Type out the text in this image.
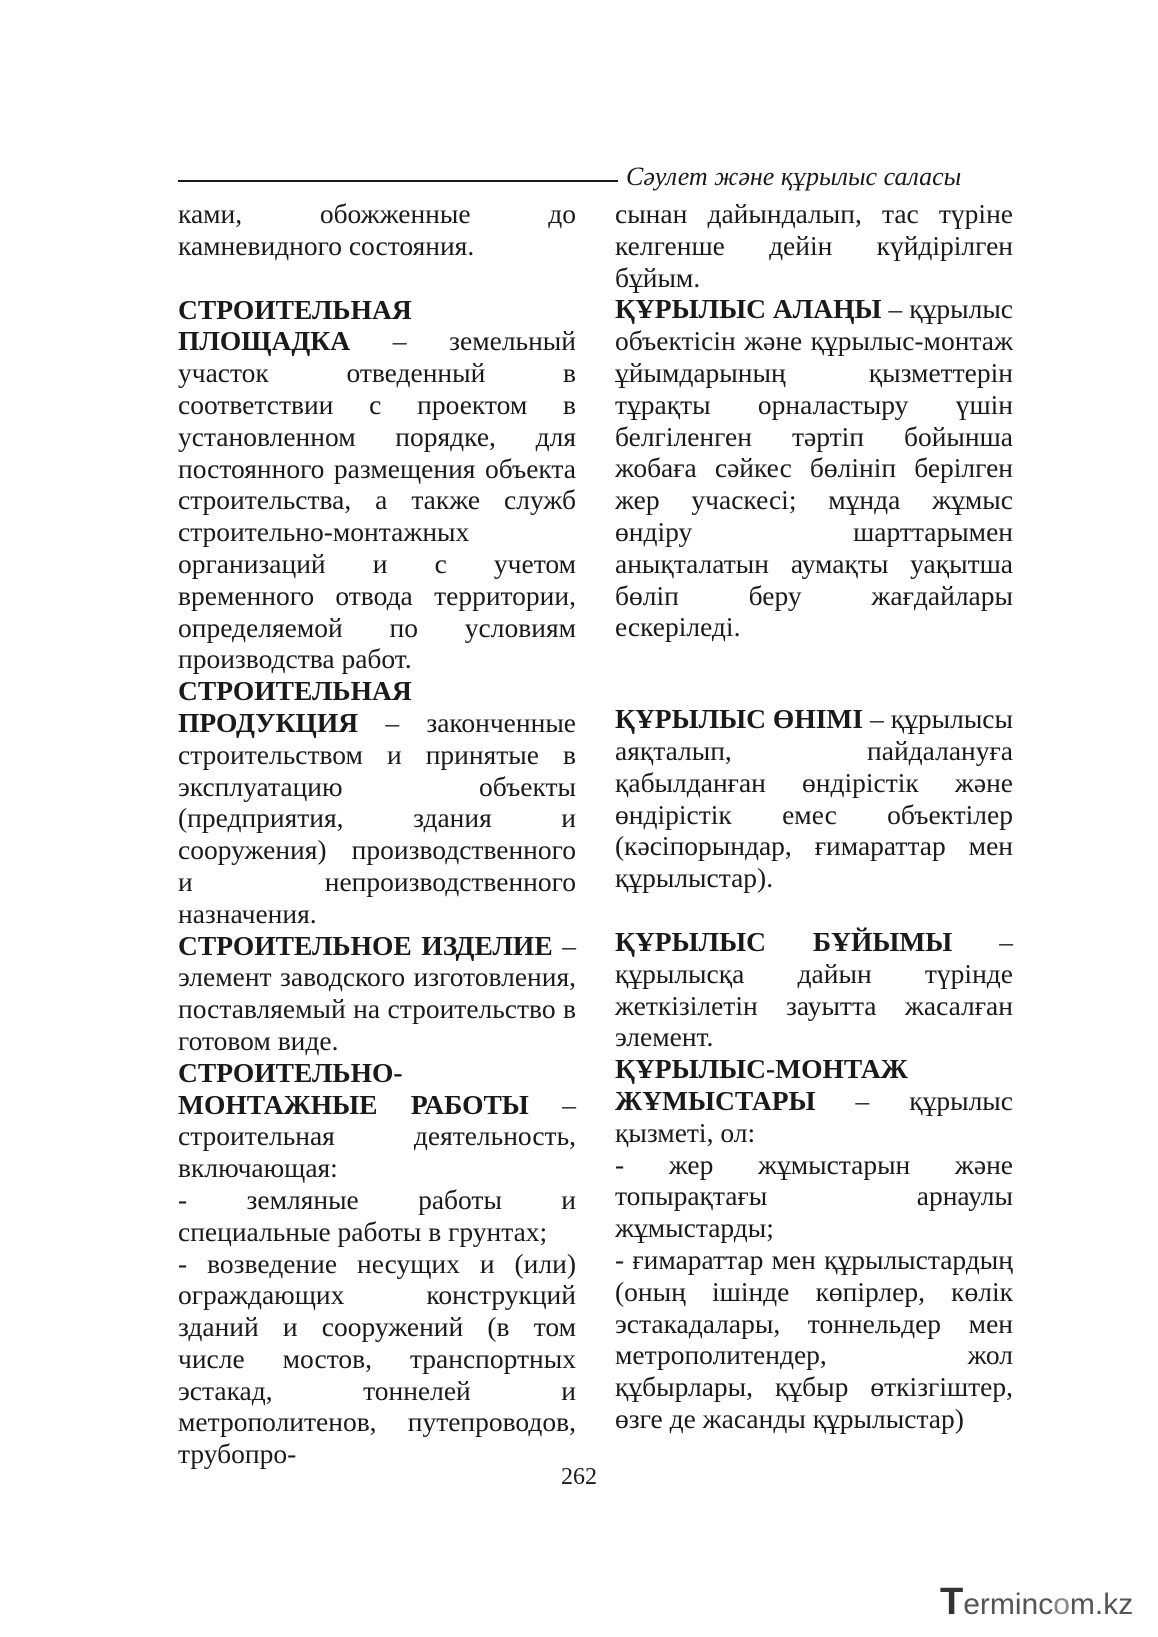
Сәулет және құрылыс саласы

ками, обожженные до камневидного состояния.

СТРОИТЕЛЬНАЯ ПЛОЩАДКА – земельный участок отведенный в соответствии с проектом в установленном порядке, для постоянного размещения объекта строительства, а также служб строительно-монтажных организаций и с учетом временного отвода территории, определяемой по условиям производства работ.

СТРОИТЕЛЬНАЯ ПРОДУКЦИЯ – законченные строительством и принятые в эксплуатацию объекты (предприятия, здания и сооружения) производственного и непроизводственного назначения.

СТРОИТЕЛЬНОЕ ИЗДЕЛИЕ – элемент заводского изготовления, поставляемый на строительство в готовом виде.

СТРОИТЕЛЬНО-МОНТАЖНЫЕ РАБОТЫ – строительная деятельность, включающая:

- земляные работы и специальные работы в грунтах;

- возведение несущих и (или) ограждающих конструкций зданий и сооружений (в том числе мостов, транспортных эстакад, тоннелей и метрополитенов, путепроводов, трубопро-

сынан дайындалып, тас түріне келгенше дейін күйдірілген бұйым.

ҚҰРЫЛЫС АЛАҢЫ – құрылыс объектісін және құрылыс-монтаж ұйымдарының қызметтерін тұрақты орналастыру үшін белгіленген тәртіп бойынша жобаға сәйкес бөлініп берілген жер учаскесі; мұнда жұмыс өндіру шарттарымен анықталатын аумақты уақытша бөліп беру жағдайлары ескеріледі.

ҚҰРЫЛЫС ӨНІМІ – құрылысы аяқталып, пайдалануға қабылданған өндірістік және өндірістік емес объектілер (кәсіпорындар, ғимараттар мен құрылыстар).

ҚҰРЫЛЫС БҰЙЫМЫ – құрылысқа дайын түрінде жеткізілетін зауытта жасалған элемент.

ҚҰРЫЛЫС-МОНТАЖ ЖҰМЫСТАРЫ – құрылыс қызметі, ол:

- жер жұмыстарын және топырақтағы арнаулы жұмыстарды;

- ғимараттар мен құрылыстардың (оның ішінде көпірлер, көлік эстакадалары, тоннельдер мен метрополитендер, жол құбырлары, құбыр өткізгіштер, өзге де жасанды құрылыстар)

262
Termincom.kz
